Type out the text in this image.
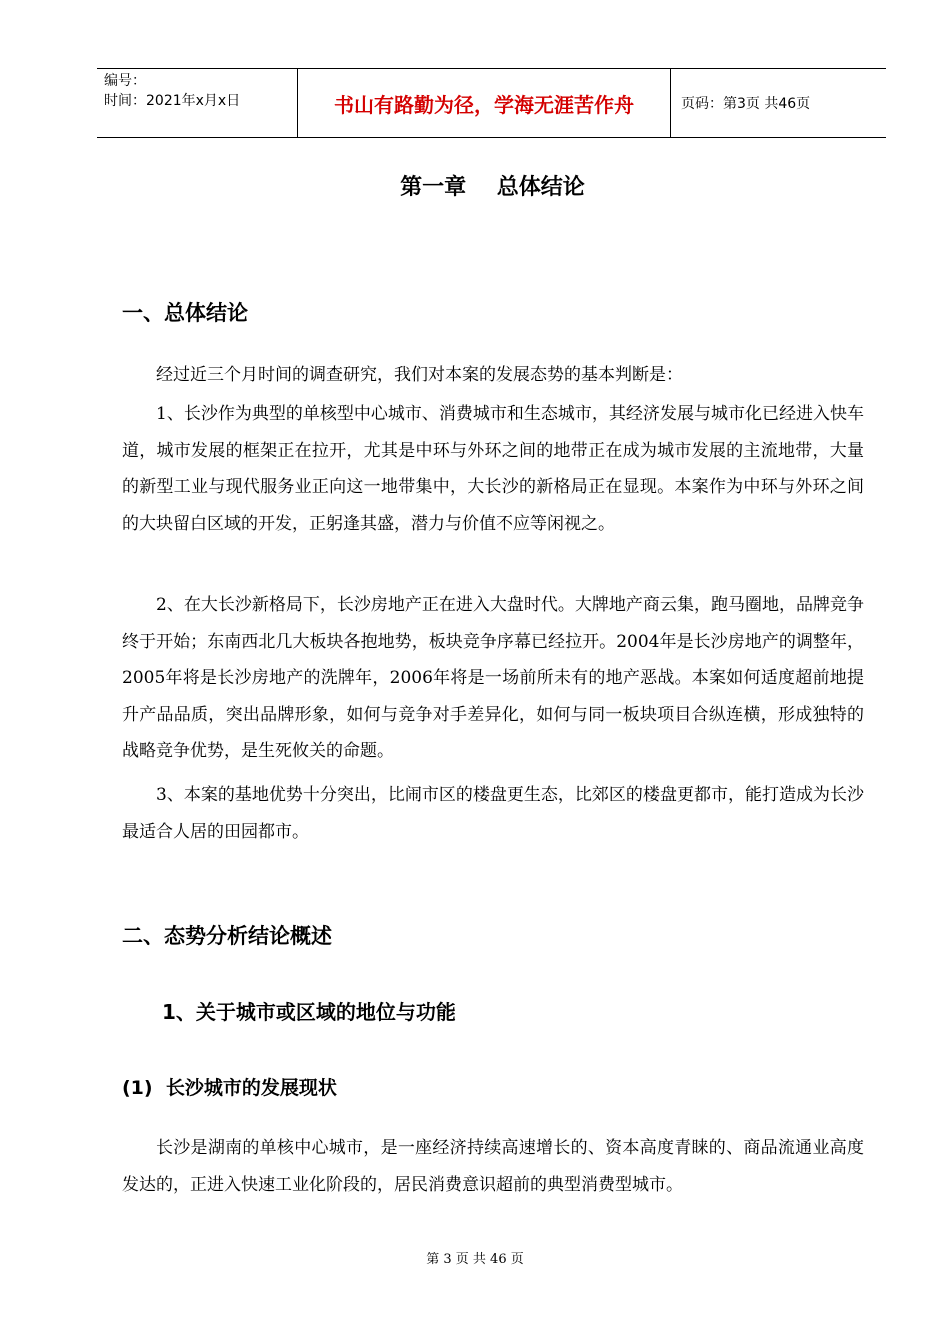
编号：
时间：2021年x月x日	书山有路勤为径，学海无涯苦作舟	页码：第3页 共46页
第一章    总体结论
一、总体结论

经过近三个月时间的调查研究，我们对本案的发展态势的基本判断是：

1、长沙作为典型的单核型中心城市、消费城市和生态城市，其经济发展与城市化已经进入快车道，城市发展的框架正在拉开，尤其是中环与外环之间的地带正在成为城市发展的主流地带，大量的新型工业与现代服务业正向这一地带集中，大长沙的新格局正在显现。本案作为中环与外环之间的大块留白区域的开发，正躬逢其盛，潜力与价值不应等闲视之。

2、在大长沙新格局下，长沙房地产正在进入大盘时代。大牌地产商云集，跑马圈地，品牌竞争终于开始；东南西北几大板块各抱地势，板块竞争序幕已经拉开。2004年是长沙房地产的调整年，2005年将是长沙房地产的洗牌年，2006年将是一场前所未有的地产恶战。本案如何适度超前地提升产品品质，突出品牌形象，如何与竞争对手差异化，如何与同一板块项目合纵连横，形成独特的战略竞争优势，是生死攸关的命题。

3、本案的基地优势十分突出，比闹市区的楼盘更生态，比郊区的楼盘更都市，能打造成为长沙最适合人居的田园都市。

二、态势分析结论概述
1、关于城市或区域的地位与功能
(1)  长沙城市的发展现状

长沙是湖南的单核中心城市，是一座经济持续高速增长的、资本高度青睐的、商品流通业高度发达的，正进入快速工业化阶段的，居民消费意识超前的典型消费型城市。

第 3 页 共 46 页
